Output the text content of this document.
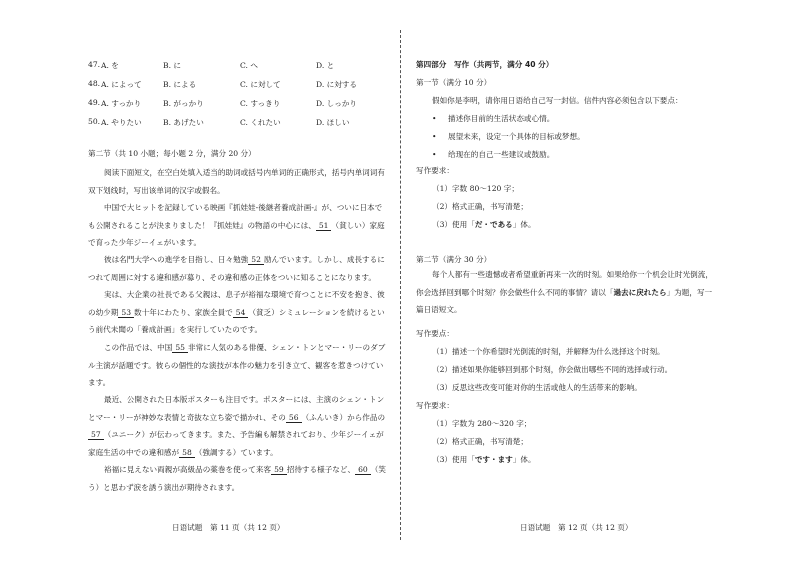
47. A. を	B. に	C. へ	D. と
48. A. によって	B. による	C. に対して	D. に対する
49. A. すっかり	B. がっかり	C. すっきり	D. しっかり
50. A. やりたい	B. あげたい	C. くれたい	D. ほしい
第二节（共 10 小题；每小题 2 分，满分 20 分）
阅读下面短文，在空白处填入适当的助词或括号内单词的正确形式，括号内单词词有双下划线时，写出该单词的汉字或假名。
中国で大ヒットを記録している映画『抓娃娃-後継者養成計画-』が、ついに日本でも公開されることが決まりました！『抓娃娃』の物語の中心には、 51 （貧しい）家庭で育った少年ジーイェがいます。
彼は名門大学への進学を目指し、日々勉強 52 励んでいます。しかし、成長するにつれて周囲に対する違和感が募り、その違和感の正体をついに知ることになります。
実は、大企業の社長である父親は、息子が裕福な環境で育つことに不安を抱き、彼の幼少期 53 数十年にわたり、家族全員で 54 （貧乏）シミュレーションを続けるという前代未聞の「養成計画」を実行していたのです。
この作品では、中国 55 非常に人気のある俳優、シェン・トンとマー・リーのダブル主演が話題です。彼らの個性的な演技が本作の魅力を引き立て、観客を惹きつけています。
最近、公開された日本版ポスターも注目です。ポスターには、主演のシェン・トンとマー・リーが神妙な表情と奇抜な立ち姿で描かれ、その 56 （ふんいき）から作品の57 （ユニーク）が伝わってきます。また、予告編も解禁されており、少年ジーイェが家庭生活の中での違和感が 58 （強調する）ています。
裕福に見えない両親が高級品の薬巻を使って来客 59 招待する様子など、 60 （笑う）と思わず涙を誘う演出が期待されます。
日语试题　第 11 页（共 12 页）
第四部分　写作（共两节，满分 40 分）
第一节（满分 10 分）
假如你是李明，请你用日语给自己写一封信。信件内容必须包含以下要点：
• 描述你目前的生活状态或心情。
• 展望未来，设定一个具体的目标或梦想。
• 给现在的自己一些建议或鼓励。
写作要求：
（1）字数 80～120 字；
（2）格式正确，书写清楚；
（3）使用「だ・である」体。
第二节（满分 30 分）
每个人都有一些遗憾或者希望重新再来一次的时刻。如果给你一个机会让时光倒流，你会选择回到哪个时刻？你会做些什么不同的事情？请以「過去に戻れたら」为题，写一篇日语短文。
写作要点：
（1）描述一个你希望时光倒流的时刻，并解释为什么选择这个时刻。
（2）描述如果你能够回到那个时刻，你会做出哪些不同的选择或行动。
（3）反思这些改变可能对你的生活或他人的生活带来的影响。
写作要求：
（1）字数为 280～320 字；
（2）格式正确，书写清楚；
（3）使用「です・ます」体。
日语试题　第 12 页（共 12 页）
